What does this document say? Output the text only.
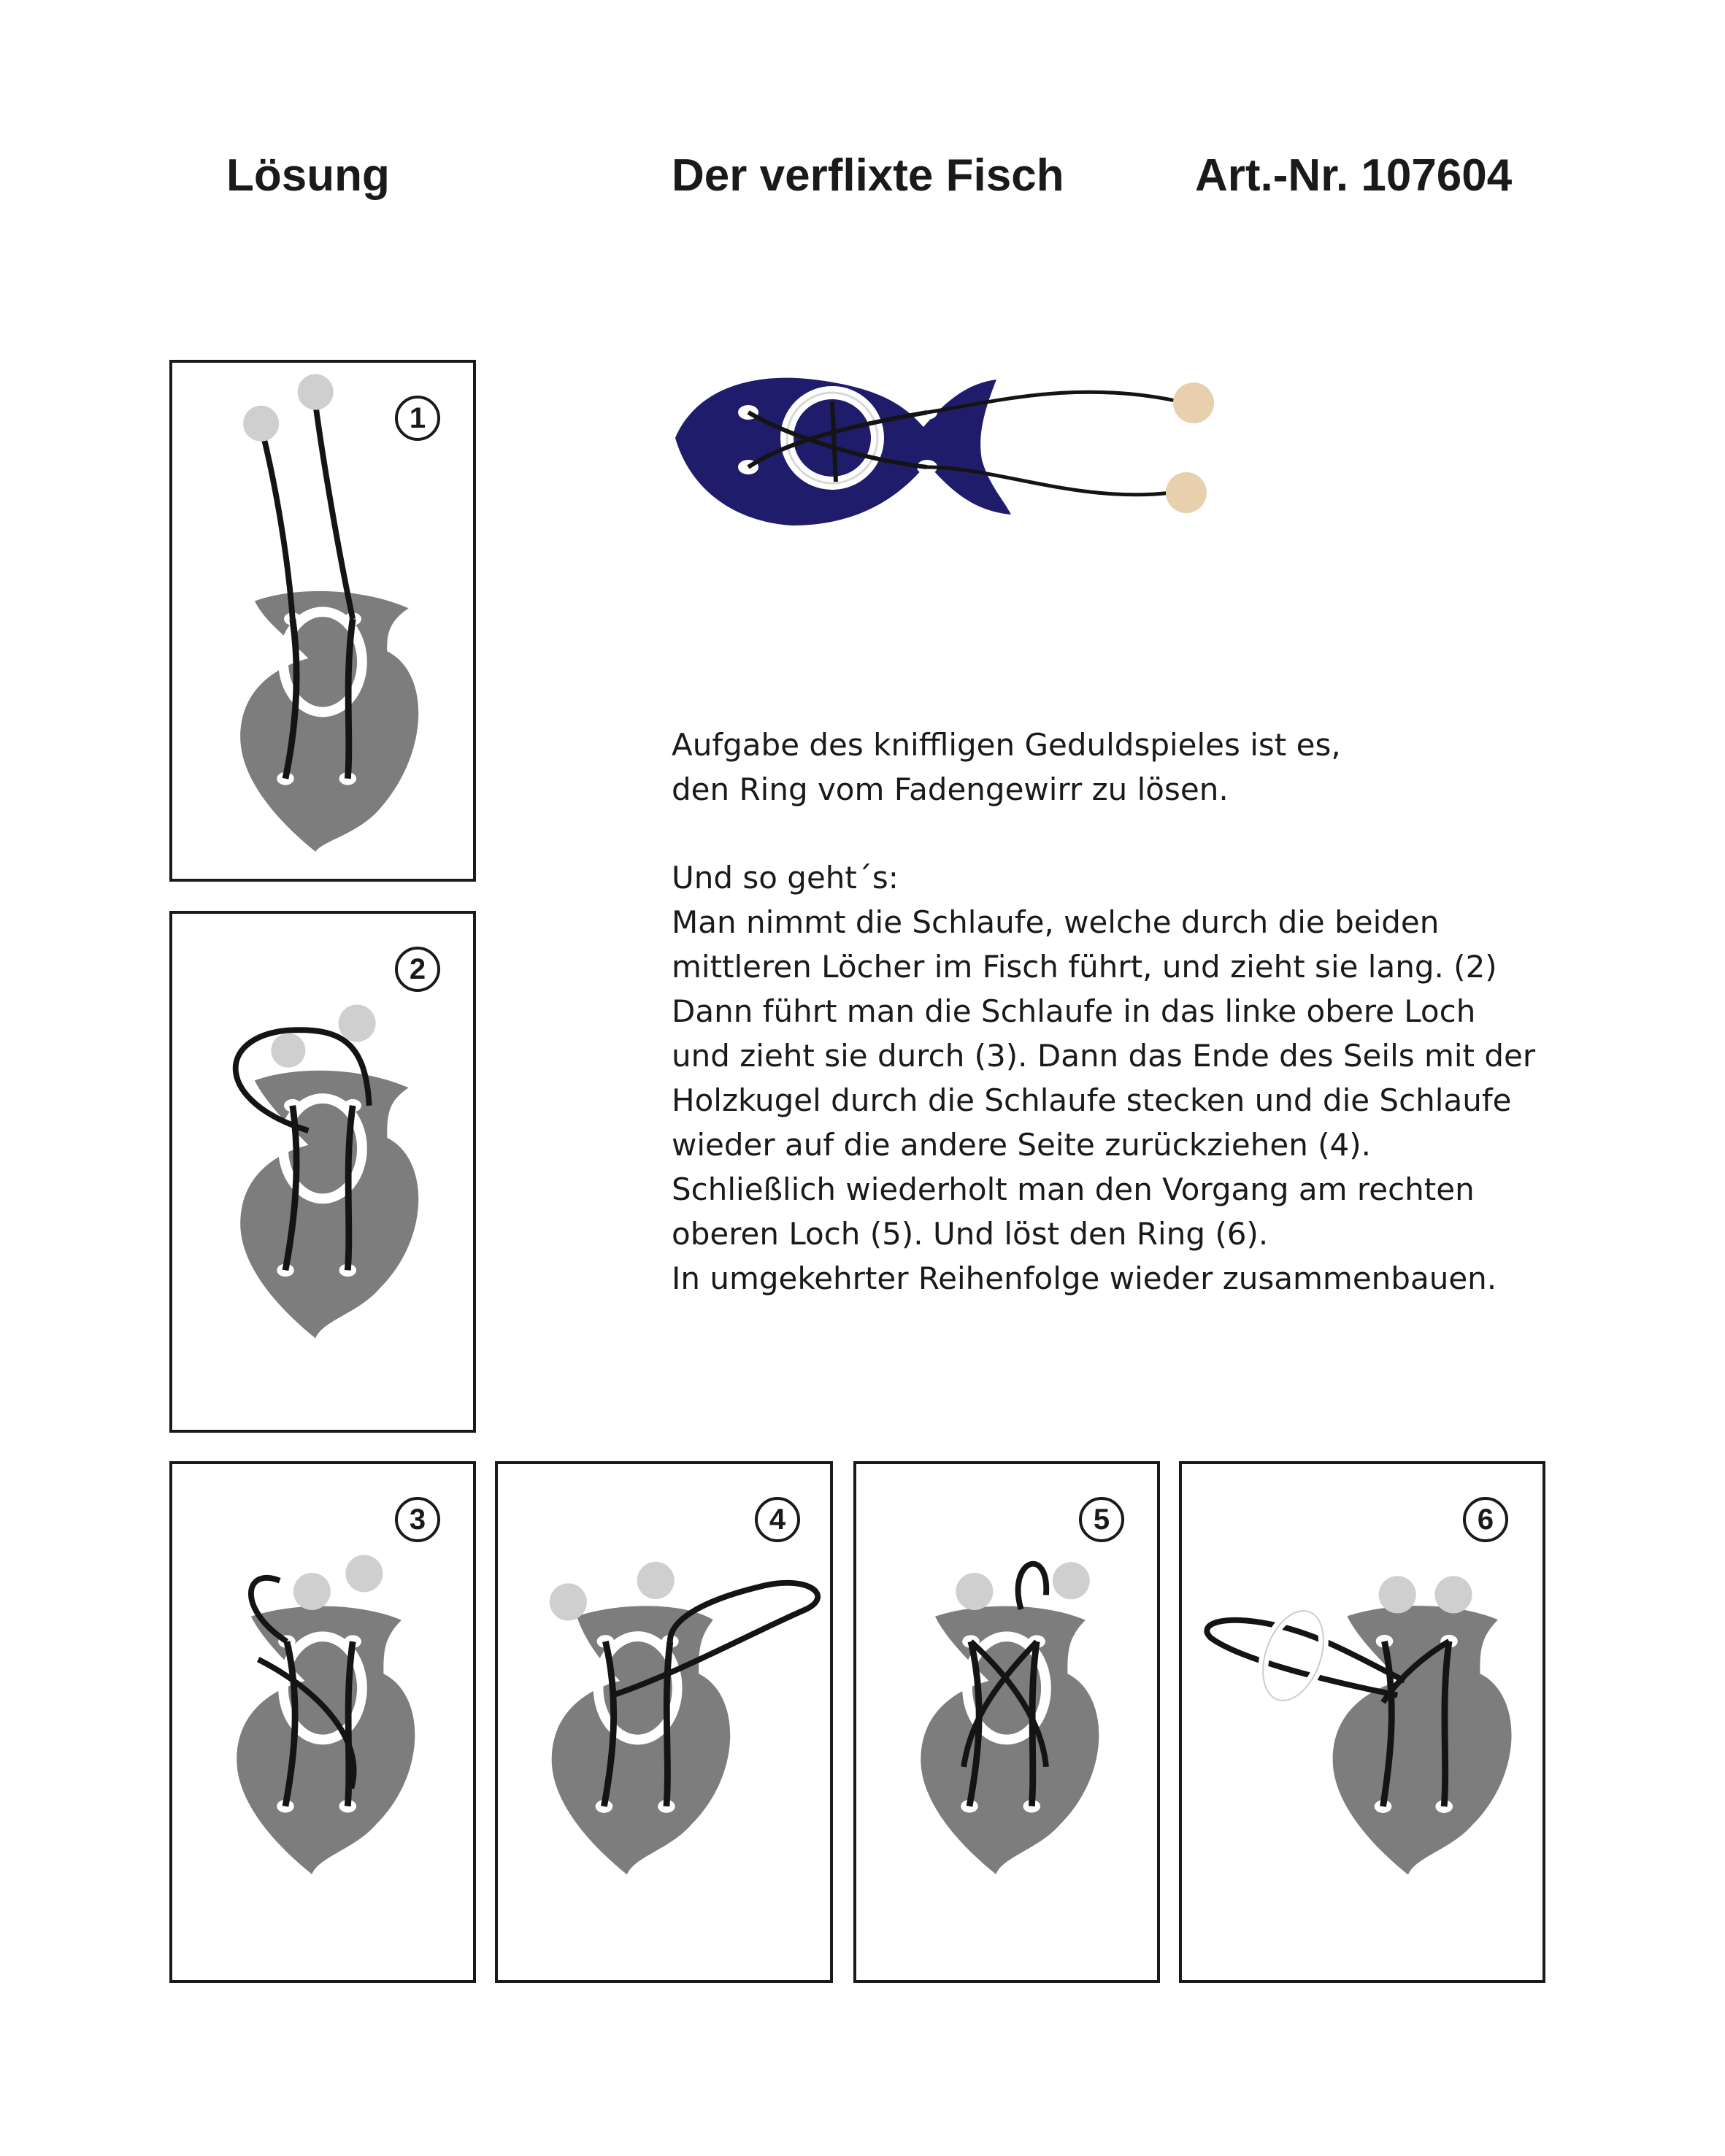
Lösung	Der verflixte Fisch	Art.-Nr. 107604

Aufgabe des kniffligen Geduldspieles ist es,

den Ring vom Fadengewirr zu lösen.

Und so geht´s:

Man nimmt die Schlaufe, welche durch die beiden

mittleren Löcher im Fisch führt, und zieht sie lang. (2)

Dann führt man die Schlaufe in das linke obere Loch

und zieht sie durch (3). Dann das Ende des Seils mit der

Holzkugel durch die Schlaufe stecken und die Schlaufe

wieder auf die andere Seite zurückziehen (4).

Schließlich wiederholt man den Vorgang am rechten

oberen Loch (5). Und löst den Ring (6).

In umgekehrter Reihenfolge wieder zusammenbauen.

1
2
3	4	5	6
